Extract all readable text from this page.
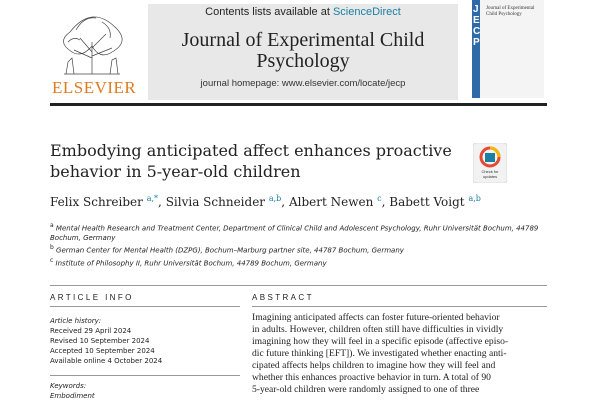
ELSEVIER
Contents lists available at ScienceDirect
Journal of Experimental Child Psychology
journal homepage: www.elsevier.com/locate/jecp
J
E
C
P
Journal of Experimental Child Psychology
Embodying anticipated affect enhances proactive behavior in 5-year-old children	Check for
updates
Felix Schreiber $^{a,*}$, Silvia Schneider $^{a,b}$, Albert Newen $^c$, Babett Voigt $^{a,b}$
$^a$ Mental Health Research and Treatment Center, Department of Clinical Child and Adolescent Psychology, Ruhr Universität Bochum, 44789 Bochum, Germany
$^b$ German Center for Mental Health (DZPG), Bochum–Marburg partner site, 44787 Bochum, Germany
$^c$ Institute of Philosophy II, Ruhr Universität Bochum, 44789 Bochum, Germany
ARTICLE INFO	ABSTRACT
Article history:
Received 29 April 2024
Revised 10 September 2024
Accepted 10 September 2024
Available online 4 October 2024
Keywords:
Embodiment
Imagining anticipated affects can foster future-oriented behavior
in adults. However, children often still have difficulties in vividly
imagining how they will feel in a specific episode (affective episo-
dic future thinking [EFT]). We investigated whether enacting anti-
cipated affects helps children to imagine how they will feel and
whether this enhances proactive behavior in turn. A total of 90
5-year-old children were randomly assigned to one of three
